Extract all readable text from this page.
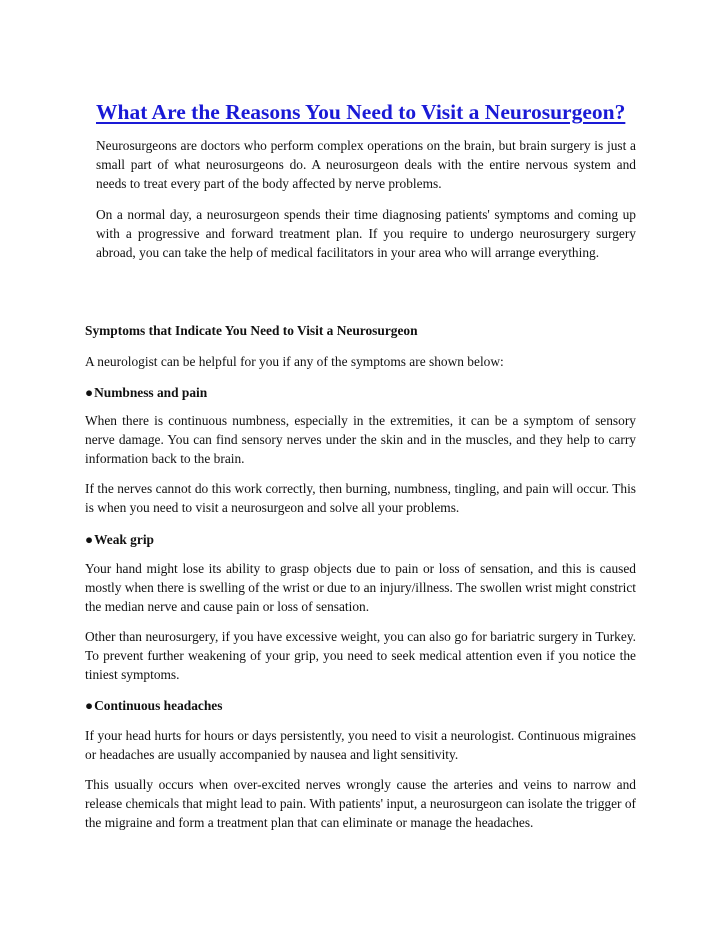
What Are the Reasons You Need to Visit a Neurosurgeon?

Neurosurgeons are doctors who perform complex operations on the brain, but brain surgery is just a small part of what neurosurgeons do. A neurosurgeon deals with the entire nervous system and needs to treat every part of the body affected by nerve problems.

On a normal day, a neurosurgeon spends their time diagnosing patients' symptoms and coming up with a progressive and forward treatment plan. If you require to undergo neurosurgery surgery abroad, you can take the help of medical facilitators in your area who will arrange everything.

Symptoms that Indicate You Need to Visit a Neurosurgeon

A neurologist can be helpful for you if any of the symptoms are shown below:

●Numbness and pain

When there is continuous numbness, especially in the extremities, it can be a symptom of sensory nerve damage. You can find sensory nerves under the skin and in the muscles, and they help to carry information back to the brain.

If the nerves cannot do this work correctly, then burning, numbness, tingling, and pain will occur. This is when you need to visit a neurosurgeon and solve all your problems.

●Weak grip

Your hand might lose its ability to grasp objects due to pain or loss of sensation, and this is caused mostly when there is swelling of the wrist or due to an injury/illness. The swollen wrist might constrict the median nerve and cause pain or loss of sensation.

Other than neurosurgery, if you have excessive weight, you can also go for bariatric surgery in Turkey. To prevent further weakening of your grip, you need to seek medical attention even if you notice the tiniest symptoms.

●Continuous headaches

If your head hurts for hours or days persistently, you need to visit a neurologist. Continuous migraines or headaches are usually accompanied by nausea and light sensitivity.

This usually occurs when over-excited nerves wrongly cause the arteries and veins to narrow and release chemicals that might lead to pain. With patients' input, a neurosurgeon can isolate the trigger of the migraine and form a treatment plan that can eliminate or manage the headaches.
